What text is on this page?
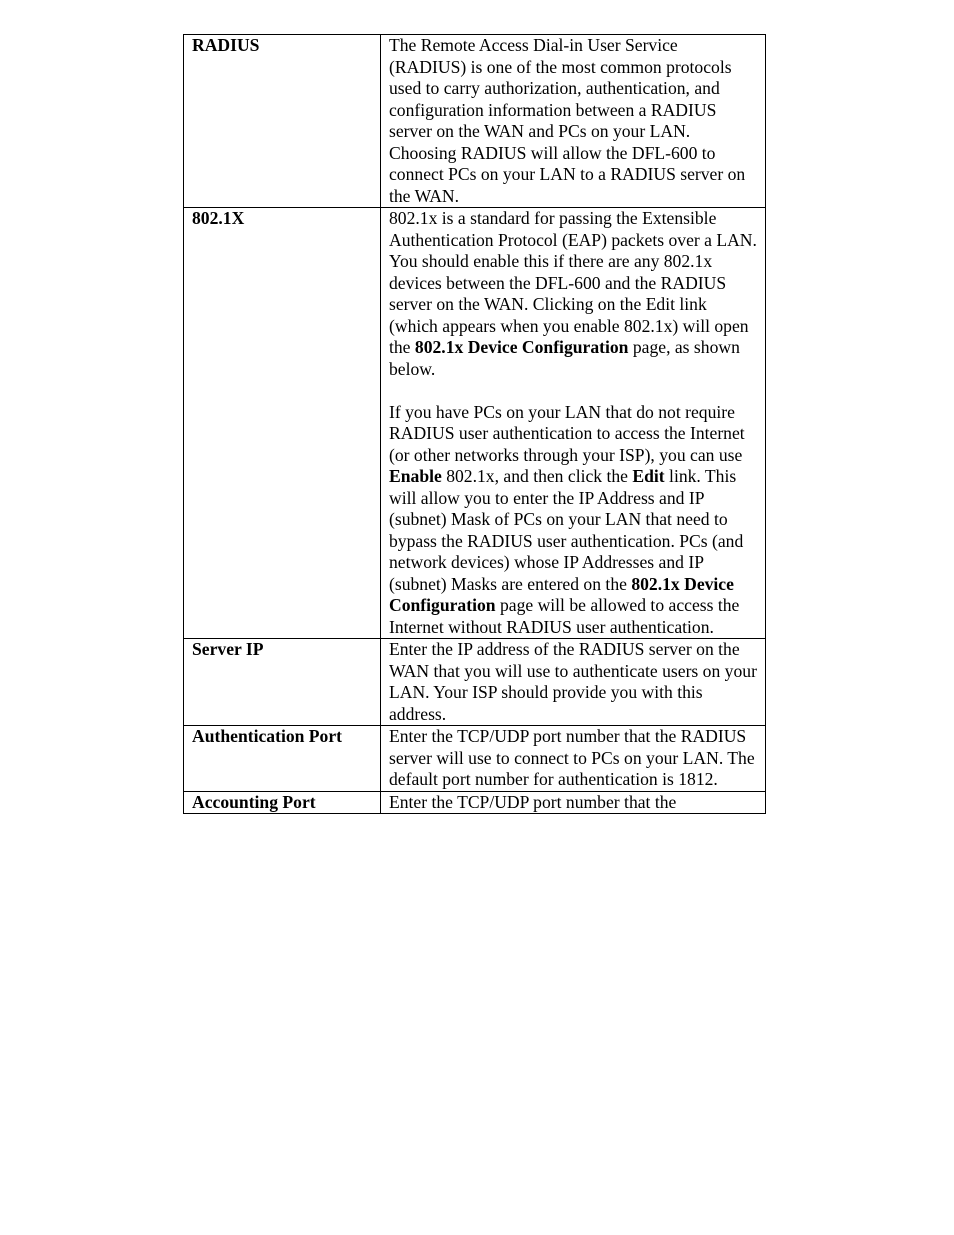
RADIUS	The Remote Access Dial-in User Service (RADIUS) is one of the most common protocols used to carry authorization, authentication, and configuration information between a RADIUS server on the WAN and PCs on your LAN. Choosing RADIUS will allow the DFL-600 to connect PCs on your LAN to a RADIUS server on the WAN.

802.1X	802.1x is a standard for passing the Extensible Authentication Protocol (EAP) packets over a LAN. You should enable this if there are any 802.1x devices between the DFL-600 and the RADIUS server on the WAN. Clicking on the Edit link (which appears when you enable 802.1x) will open the 802.1x Device Configuration page, as shown below.

If you have PCs on your LAN that do not require RADIUS user authentication to access the Internet (or other networks through your ISP), you can use Enable 802.1x, and then click the Edit link. This will allow you to enter the IP Address and IP (subnet) Mask of PCs on your LAN that need to bypass the RADIUS user authentication. PCs (and network devices) whose IP Addresses and IP (subnet) Masks are entered on the 802.1x Device Configuration page will be allowed to access the Internet without RADIUS user authentication.

Server IP	Enter the IP address of the RADIUS server on the WAN that you will use to authenticate users on your LAN. Your ISP should provide you with this address.

Authentication Port	Enter the TCP/UDP port number that the RADIUS server will use to connect to PCs on your LAN. The default port number for authentication is 1812.

Accounting Port	Enter the TCP/UDP port number that the
